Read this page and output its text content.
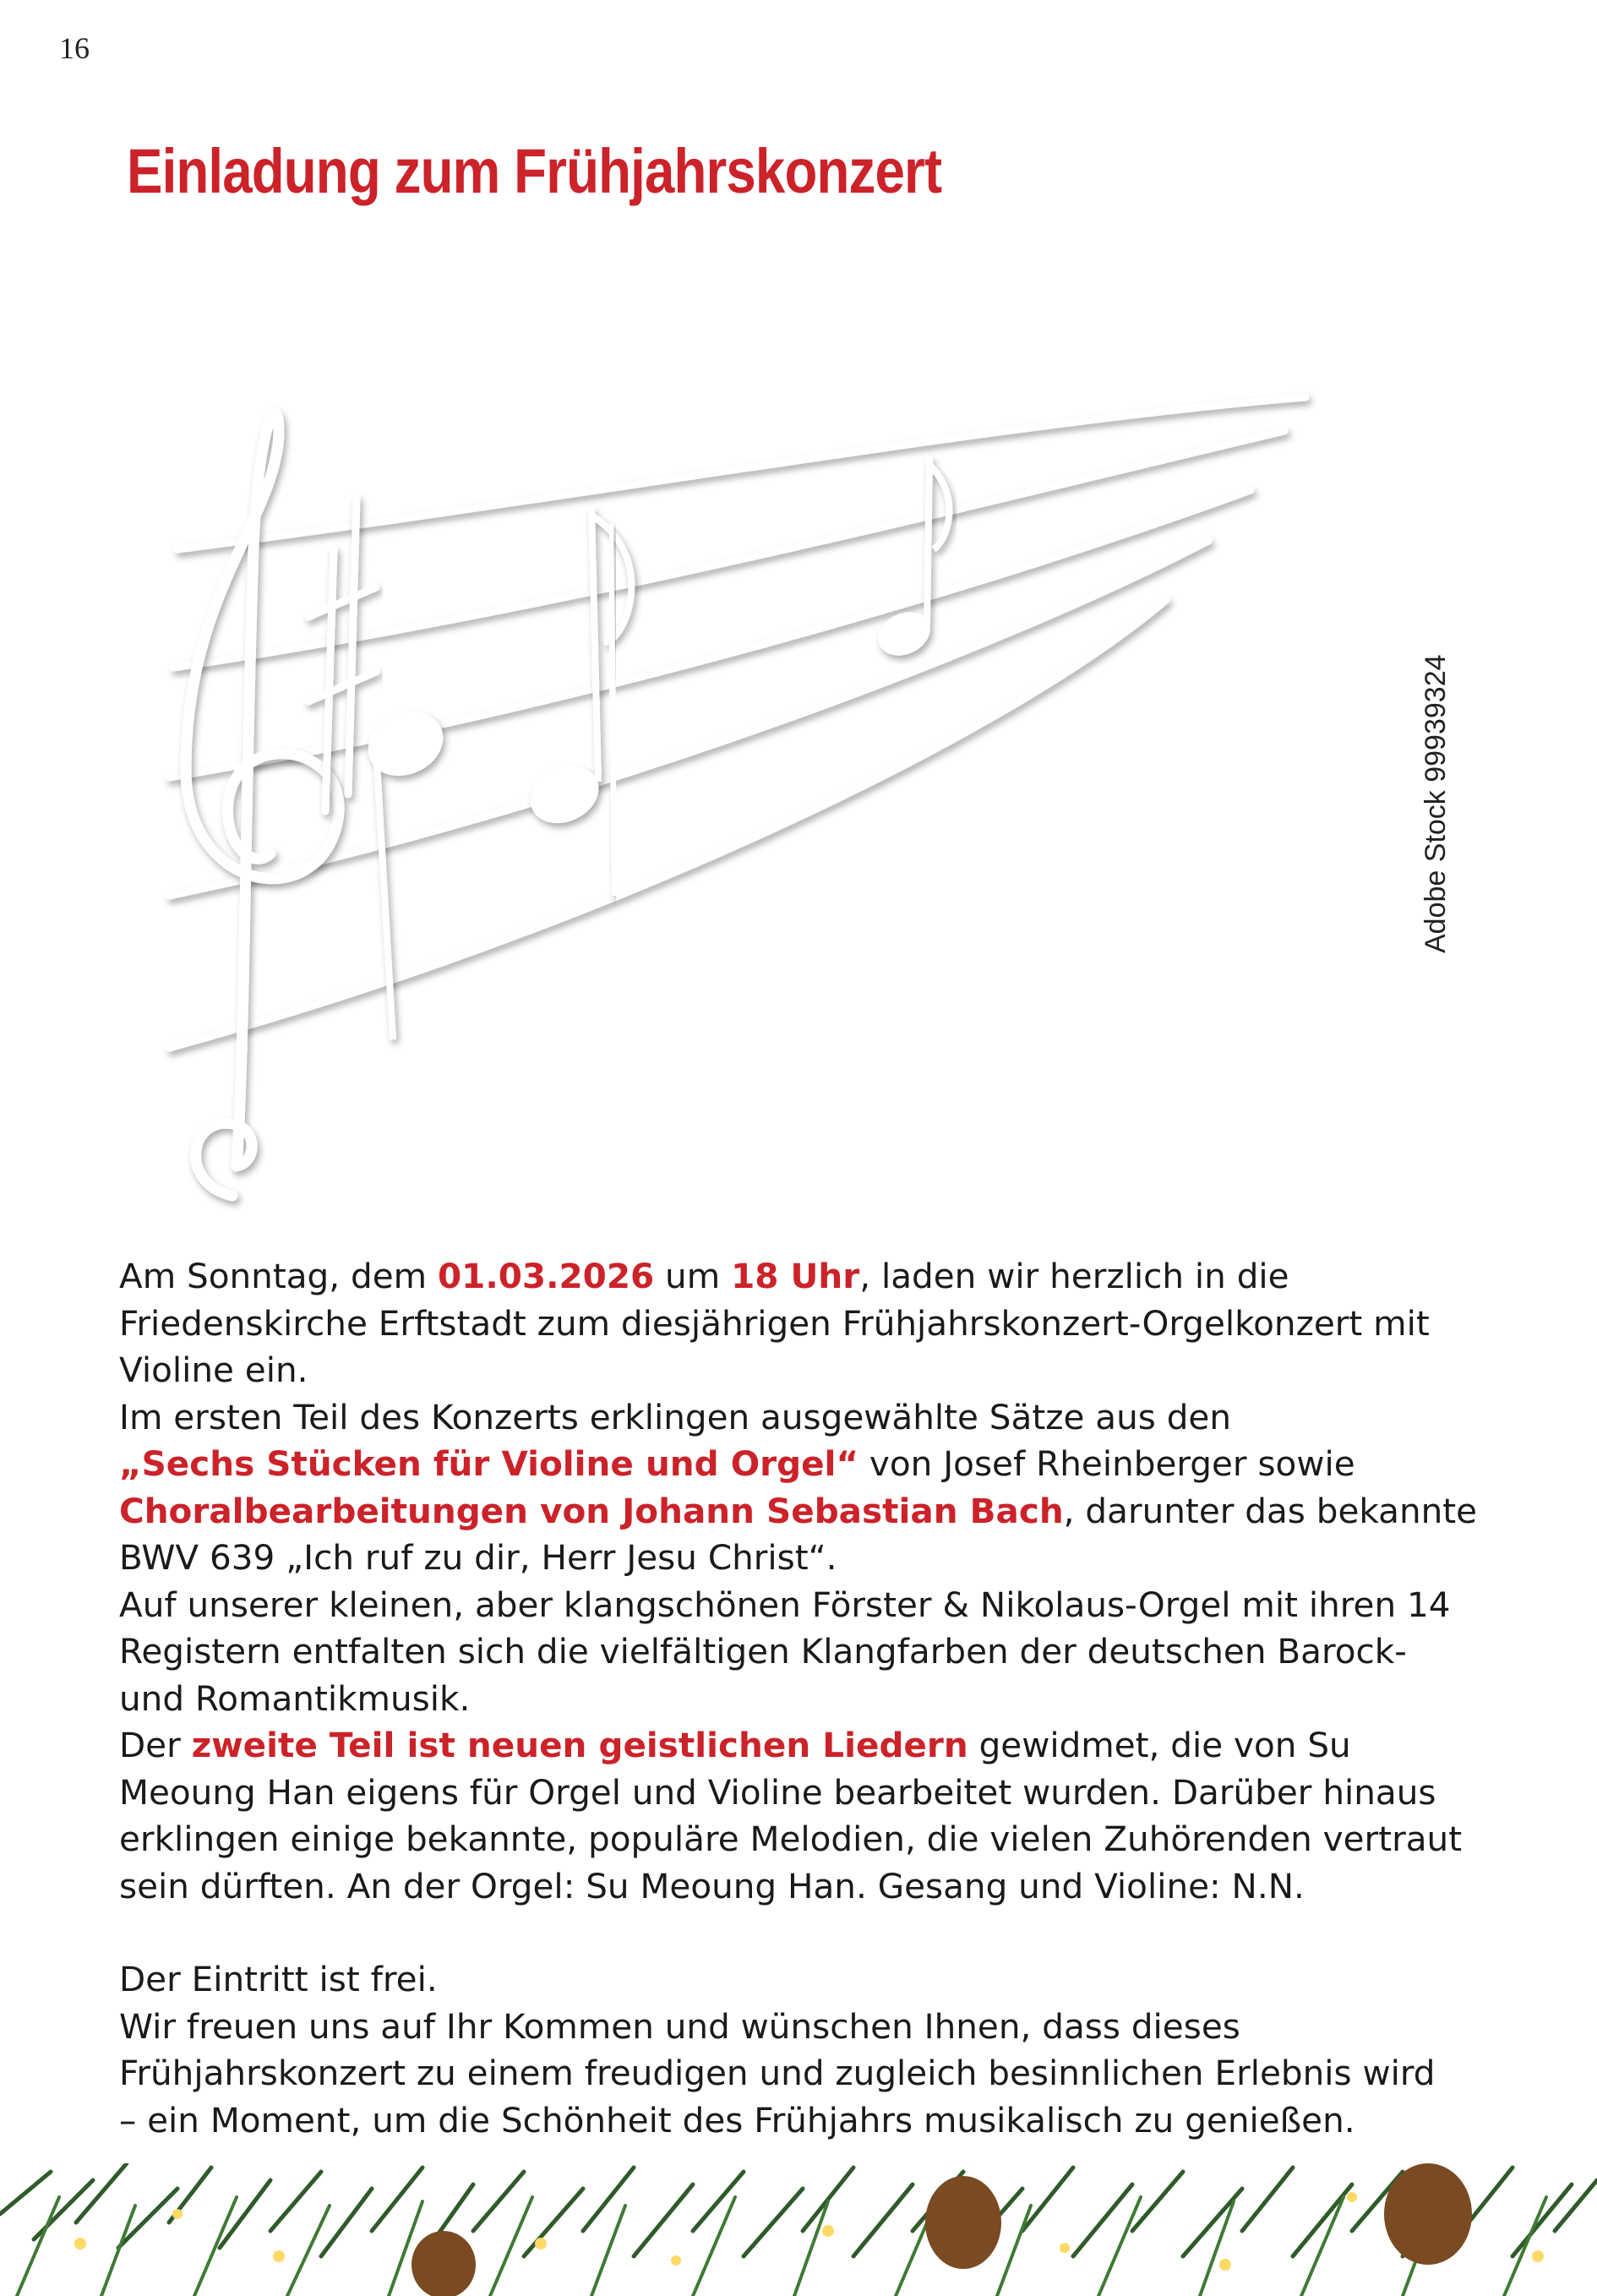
16
Einladung zum Frühjahrskonzert
Adobe Stock 99939324

Am Sonntag, dem 01.03.2026 um 18 Uhr, laden wir herzlich in die
Friedenskirche Erftstadt zum diesjährigen Frühjahrskonzert-Orgelkonzert mit
Violine ein.

Im ersten Teil des Konzerts erklingen ausgewählte Sätze aus den
„Sechs Stücken für Violine und Orgel“ von Josef Rheinberger sowie
Choralbearbeitungen von Johann Sebastian Bach, darunter das bekannte
BWV 639 „Ich ruf zu dir, Herr Jesu Christ“.

Auf unserer kleinen, aber klangschönen Förster & Nikolaus-Orgel mit ihren 14
Registern entfalten sich die vielfältigen Klangfarben der deutschen Barock-
und Romantikmusik.

Der zweite Teil ist neuen geistlichen Liedern gewidmet, die von Su
Meoung Han eigens für Orgel und Violine bearbeitet wurden. Darüber hinaus
erklingen einige bekannte, populäre Melodien, die vielen Zuhörenden vertraut
sein dürften. An der Orgel: Su Meoung Han. Gesang und Violine: N.N.

Der Eintritt ist frei.
Wir freuen uns auf Ihr Kommen und wünschen Ihnen, dass dieses
Frühjahrskonzert zu einem freudigen und zugleich besinnlichen Erlebnis wird
– ein Moment, um die Schönheit des Frühjahrs musikalisch zu genießen.
